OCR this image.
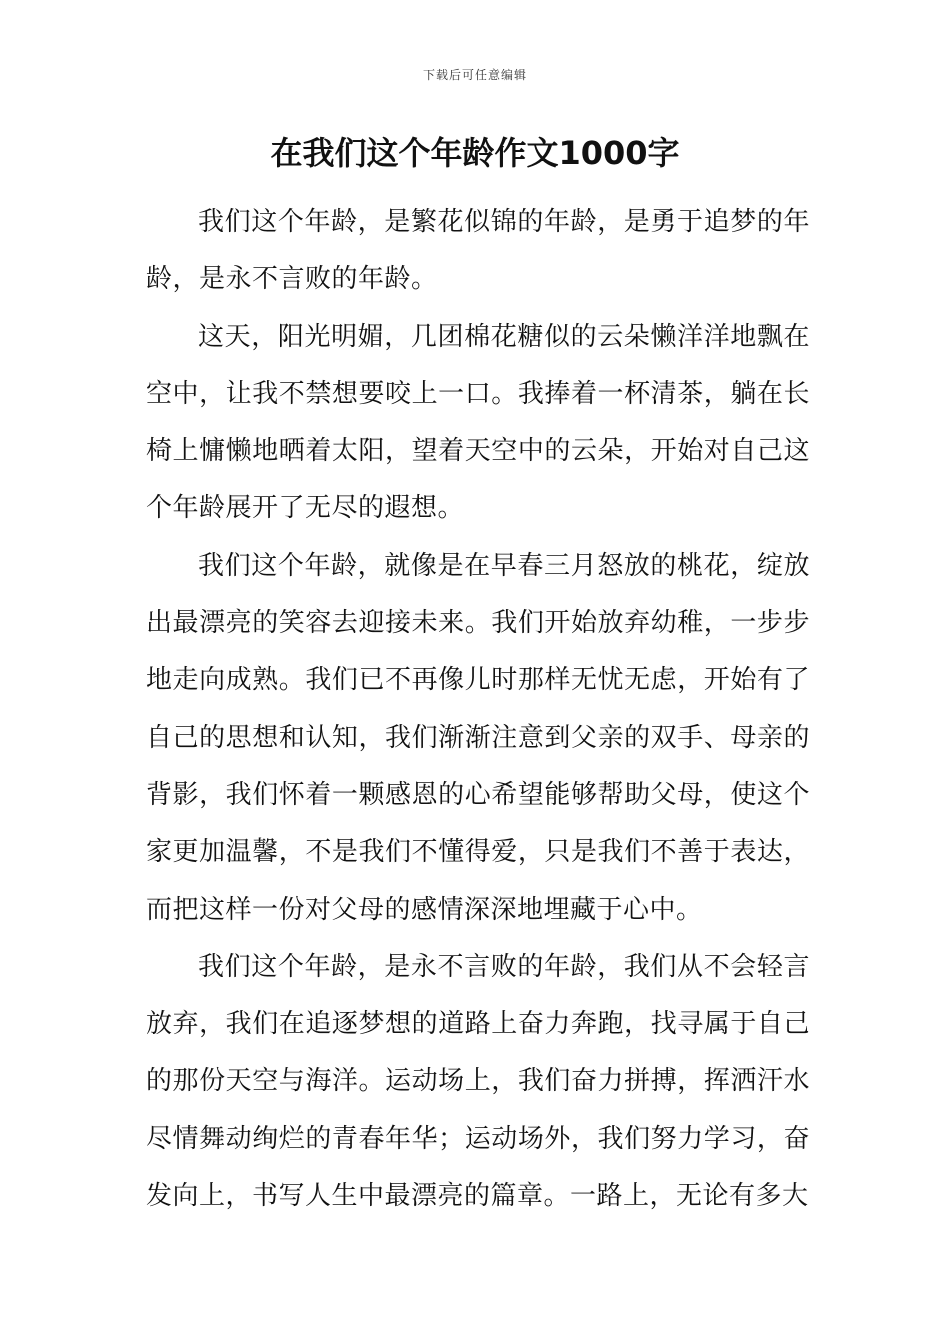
下载后可任意编辑
在我们这个年龄作文1000字

我们这个年龄，是繁花似锦的年龄，是勇于追梦的年龄，是永不言败的年龄。

这天，阳光明媚，几团棉花糖似的云朵懒洋洋地飘在空中，让我不禁想要咬上一口。我捧着一杯清茶，躺在长椅上慵懒地晒着太阳，望着天空中的云朵，开始对自己这个年龄展开了无尽的遐想。

我们这个年龄，就像是在早春三月怒放的桃花，绽放出最漂亮的笑容去迎接未来。我们开始放弃幼稚，一步步地走向成熟。我们已不再像儿时那样无忧无虑，开始有了自己的思想和认知，我们渐渐注意到父亲的双手、母亲的背影，我们怀着一颗感恩的心希望能够帮助父母，使这个家更加温馨，不是我们不懂得爱，只是我们不善于表达，而把这样一份对父母的感情深深地埋藏于心中。

我们这个年龄，是永不言败的年龄，我们从不会轻言放弃，我们在追逐梦想的道路上奋力奔跑，找寻属于自己的那份天空与海洋。运动场上，我们奋力拼搏，挥洒汗水尽情舞动绚烂的青春年华；运动场外，我们努力学习，奋发向上，书写人生中最漂亮的篇章。一路上，无论有多大
